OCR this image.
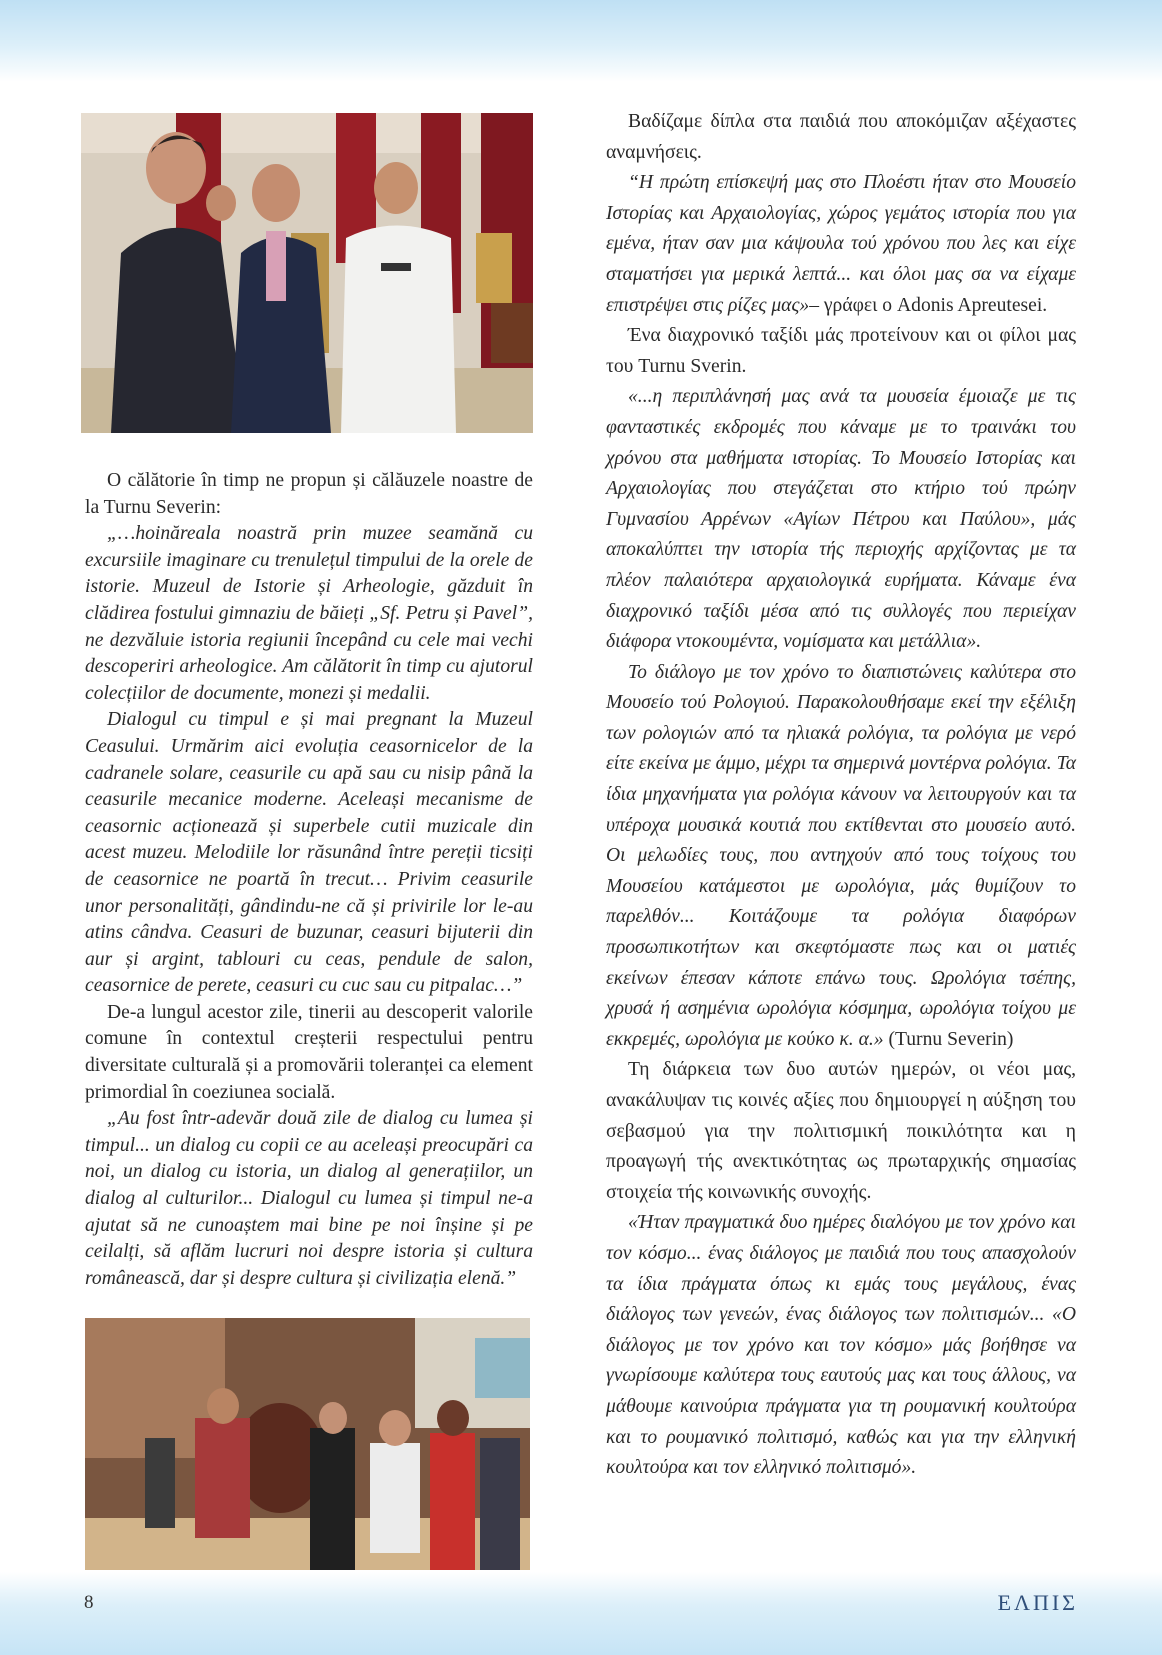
O călătorie în timp ne propun și călăuzele noastre de la Turnu Severin:

„…hoinăreala noastră prin muzee seamănă cu excursiile imaginare cu trenulețul timpului de la orele de istorie. Muzeul de Istorie și Arheologie, găzduit în clădirea fostului gimnaziu de băieți „Sf. Petru și Pavel”, ne dezvăluie istoria regiunii începând cu cele mai vechi descoperiri arheologice. Am călătorit în timp cu ajutorul colecțiilor de documente, monezi și medalii.

Dialogul cu timpul e și mai pregnant la Muzeul Ceasului. Urmărim aici evoluția ceasornicelor de la cadranele solare, ceasurile cu apă sau cu nisip până la ceasurile mecanice moderne. Aceleași mecanisme de ceasornic acționează și superbele cutii muzicale din acest muzeu. Melodiile lor răsunând între pereții ticsiți de ceasornice ne poartă în trecut… Privim ceasurile unor personalități, gândindu-ne că și privirile lor le-au atins cândva. Ceasuri de buzunar, ceasuri bijuterii din aur și argint, tablouri cu ceas, pendule de salon, ceasornice de perete, ceasuri cu cuc sau cu pitpalac…”

De-a lungul acestor zile, tinerii au descoperit valorile comune în contextul creșterii respectului pentru diversitate culturală și a promovării toleranței ca element primordial în coeziunea socială.

„Au fost într-adevăr două zile de dialog cu lumea și timpul... un dialog cu copii ce au aceleași preocupări ca noi, un dialog cu istoria, un dialog al generațiilor, un dialog al culturilor... Dialogul cu lumea și timpul ne-a ajutat să ne cunoaștem mai bine pe noi înșine și pe ceilalți, să aflăm lucruri noi despre istoria și cultura românească, dar și despre cultura și civilizația elenă.”

Βαδίζαμε δίπλα στα παιδιά που αποκόμιζαν αξέχαστες αναμνήσεις.

“Η πρώτη επίσκεψή μας στο Πλοέστι ήταν στο Μουσείο Ιστορίας και Αρχαιολογίας, χώρος γεμάτος ιστορία που για εμένα, ήταν σαν μια κάψουλα τού χρόνου που λες και είχε σταματήσει για μερικά λεπτά... και όλοι μας σα να είχαμε επιστρέψει στις ρίζες μας»– γράφει ο Adonis Apreutesei.

Ένα διαχρονικό ταξίδι μάς προτείνουν και οι φίλοι μας του Turnu Sverin.

«...η περιπλάνησή μας ανά τα μουσεία έμοιαζε με τις φανταστικές εκδρομές που κάναμε με το τραινάκι του χρόνου στα μαθήματα ιστορίας. Το Μουσείο Ιστορίας και Αρχαιολογίας που στεγάζεται στο κτήριο τού πρώην Γυμνασίου Αρρένων «Αγίων Πέτρου και Παύλου», μάς αποκαλύπτει την ιστορία τής περιοχής αρχίζοντας με τα πλέον παλαιότερα αρχαιολογικά ευρήματα. Κάναμε ένα διαχρονικό ταξίδι μέσα από τις συλλογές που περιείχαν διάφορα ντοκουμέντα, νομίσματα και μετάλλια».

Το διάλογο με τον χρόνο το διαπιστώνεις καλύτερα στο Μουσείο τού Ρολογιού. Παρακολουθήσαμε εκεί την εξέλιξη των ρολογιών από τα ηλιακά ρολόγια, τα ρολόγια με νερό είτε εκείνα με άμμο, μέχρι τα σημερινά μοντέρνα ρολόγια. Τα ίδια μηχανήματα για ρολόγια κάνουν να λειτουργούν και τα υπέροχα μουσικά κουτιά που εκτίθενται στο μουσείο αυτό. Οι μελωδίες τους, που αντηχούν από τους τοίχους του Μουσείου κατάμεστοι με ωρολόγια, μάς θυμίζουν το παρελθόν... Κοιτάζουμε τα ρολόγια διαφόρων προσωπικοτήτων και σκεφτόμαστε πως και οι ματιές εκείνων έπεσαν κάποτε επάνω τους. Ωρολόγια τσέπης, χρυσά ή ασημένια ωρολόγια κόσμημα, ωρολόγια τοίχου με εκκρεμές, ωρολόγια με κούκο κ. α.» (Turnu Severin)

Τη διάρκεια των δυο αυτών ημερών, οι νέοι μας, ανακάλυψαν τις κοινές αξίες που δημιουργεί η αύξηση του σεβασμού για την πολιτισμική ποικιλότητα και η προαγωγή τής ανεκτικότητας ως πρωταρχικής σημασίας στοιχεία τής κοινωνικής συνοχής.

«Ήταν πραγματικά δυο ημέρες διαλόγου με τον χρόνο και τον κόσμο... ένας διάλογος με παιδιά που τους απασχολούν τα ίδια πράγματα όπως κι εμάς τους μεγάλους, ένας διάλογος των γενεών, ένας διάλογος των πολιτισμών... «Ο διάλογος με τον χρόνο και τον κόσμο» μάς βοήθησε να γνωρίσουμε καλύτερα τους εαυτούς μας και τους άλλους, να μάθουμε καινούρια πράγματα για τη ρουμανική κουλτούρα και το ρουμανικό πολιτισμό, καθώς και για την ελληνική κουλτούρα και τον ελληνικό πολιτισμό».

8	ΕΛΠΙΣ
